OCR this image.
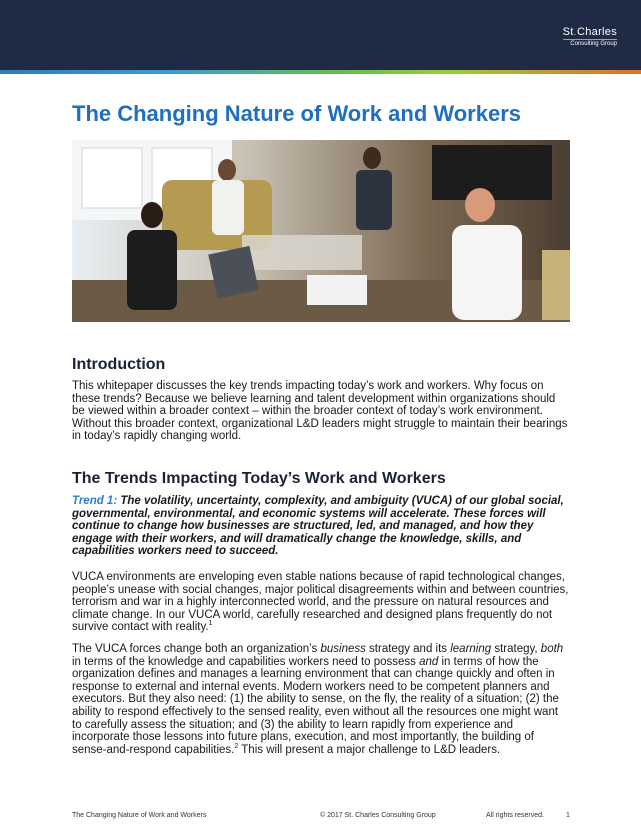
St.Charles
Consulting Group
The Changing Nature of Work and Workers
Introduction

This whitepaper discusses the key trends impacting today’s work and workers. Why focus on these trends? Because we believe learning and talent development within organizations should be viewed within a broader context – within the broader context of today’s work environment. Without this broader context, organizational L&D leaders might struggle to maintain their bearings in today’s rapidly changing world.

The Trends Impacting Today’s Work and Workers

Trend 1: The volatility, uncertainty, complexity, and ambiguity (VUCA) of our global social, governmental, environmental, and economic systems will accelerate. These forces will continue to change how businesses are structured, led, and managed, and how they engage with their workers, and will dramatically change the knowledge, skills, and capabilities workers need to succeed.

VUCA environments are enveloping even stable nations because of rapid technological changes, people’s unease with social changes, major political disagreements within and between countries, terrorism and war in a highly interconnected world, and the pressure on natural resources and climate change. In our VUCA world, carefully researched and designed plans frequently do not survive contact with reality.$^1$

The VUCA forces change both an organization’s business strategy and its learning strategy, both in terms of the knowledge and capabilities workers need to possess and in terms of how the organization defines and manages a learning environment that can change quickly and often in response to external and internal events. Modern workers need to be competent planners and executors. But they also need: (1) the ability to sense, on the fly, the reality of a situation; (2) the ability to respond effectively to the sensed reality, even without all the resources one might want to carefully assess the situation; and (3) the ability to learn rapidly from experience and incorporate those lessons into future plans, execution, and most importantly, the building of sense-and-respond capabilities.$^2$ This will present a major challenge to L&D leaders.

The Changing Nature of Work and Workers	© 2017 St. Charles Consulting Group	All rights reserved.	1
